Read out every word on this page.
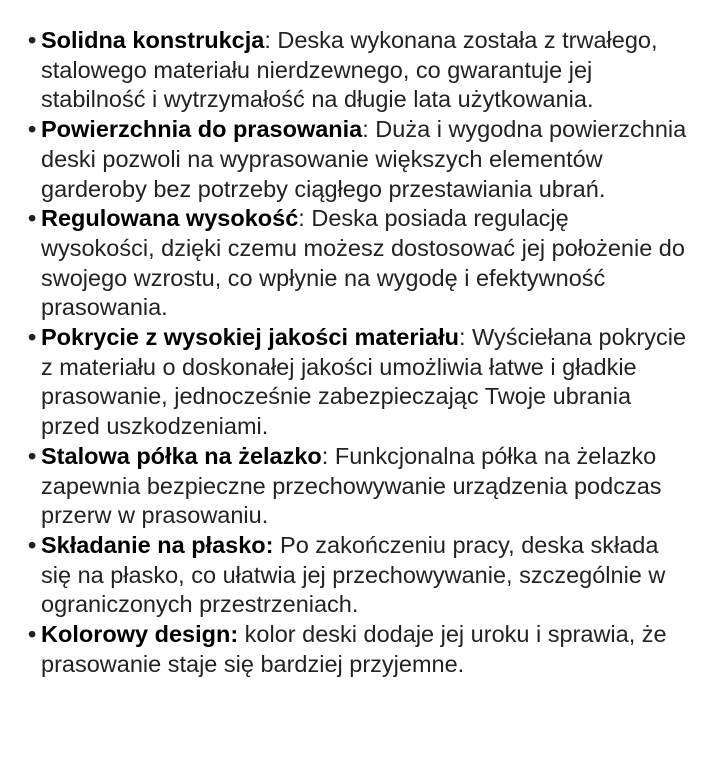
• Solidna konstrukcja: Deska wykonana została z trwałego, stalowego materiału nierdzewnego, co gwarantuje jej stabilność i wytrzymałość na długie lata użytkowania.
• Powierzchnia do prasowania: Duża i wygodna powierzchnia deski pozwoli na wyprasowanie większych elementów garderoby bez potrzeby ciągłego przestawiania ubrań.
• Regulowana wysokość: Deska posiada regulację wysokości, dzięki czemu możesz dostosować jej położenie do swojego wzrostu, co wpłynie na wygodę i efektywność prasowania.
• Pokrycie z wysokiej jakości materiału: Wyściełana pokrycie z materiału o doskonałej jakości umożliwia łatwe i gładkie prasowanie, jednocześnie zabezpieczając Twoje ubrania przed uszkodzeniami.
• Stalowa półka na żelazko: Funkcjonalna półka na żelazko zapewnia bezpieczne przechowywanie urządzenia podczas przerw w prasowaniu.
• Składanie na płasko: Po zakończeniu pracy, deska składa się na płasko, co ułatwia jej przechowywanie, szczególnie w ograniczonych przestrzeniach.
• Kolorowy design: kolor deski dodaje jej uroku i sprawia, że prasowanie staje się bardziej przyjemne.
